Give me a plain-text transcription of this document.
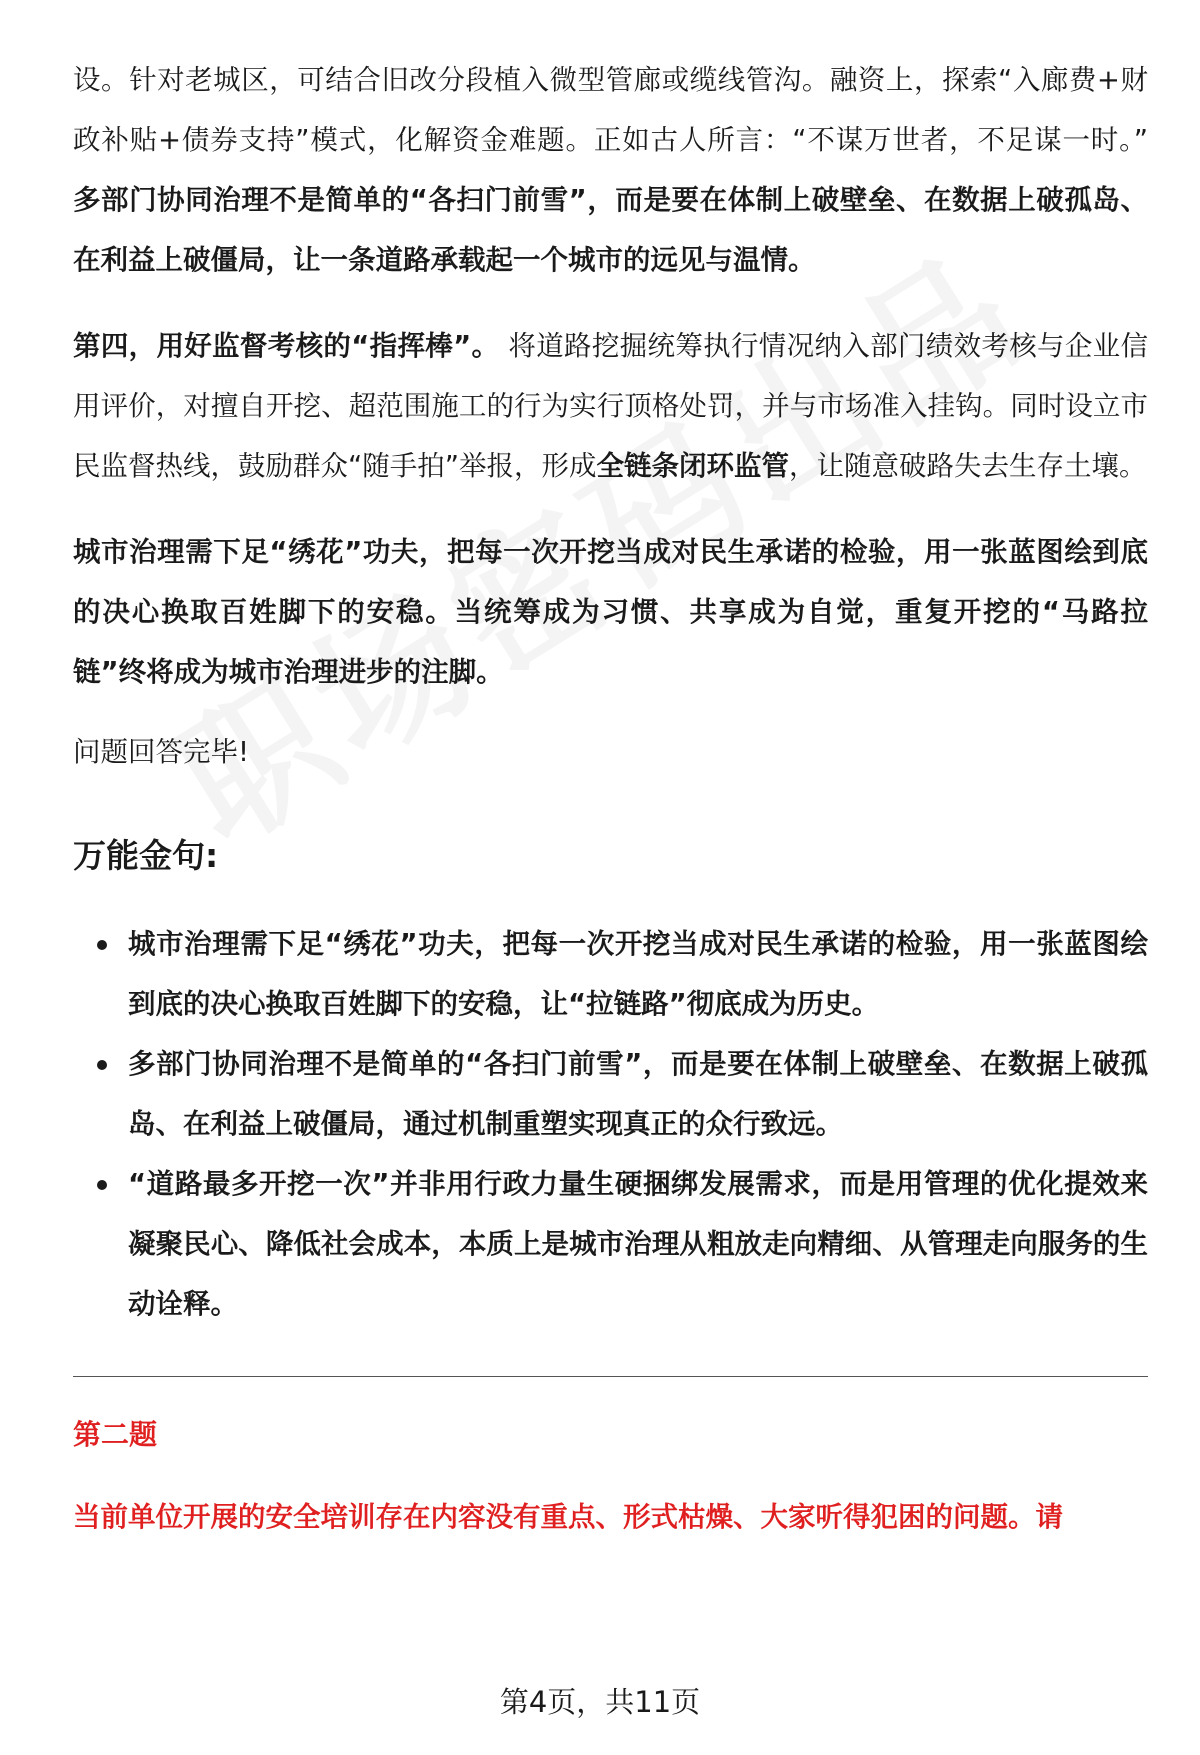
设。针对老城区，可结合旧改分段植入微型管廊或缆线管沟。融资上，探索“入廊费+财政补贴+债券支持”模式，化解资金难题。正如古人所言：“不谋万世者，不足谋一时。” 多部门协同治理不是简单的“各扫门前雪”，而是要在体制上破壁垒、在数据上破孤岛、在利益上破僵局，让一条道路承载起一个城市的远见与温情。

第四，用好监督考核的“指挥棒”。 将道路挖掘统筹执行情况纳入部门绩效考核与企业信用评价，对擅自开挖、超范围施工的行为实行顶格处罚，并与市场准入挂钩。同时设立市民监督热线，鼓励群众“随手拍”举报，形成全链条闭环监管，让随意破路失去生存土壤。

城市治理需下足“绣花”功夫，把每一次开挖当成对民生承诺的检验，用一张蓝图绘到底的决心换取百姓脚下的安稳。当统筹成为习惯、共享成为自觉，重复开挖的“马路拉链”终将成为城市治理进步的注脚。

问题回答完毕!
万能金句:
城市治理需下足“绣花”功夫，把每一次开挖当成对民生承诺的检验，用一张蓝图绘到底的决心换取百姓脚下的安稳，让“拉链路”彻底成为历史。
多部门协同治理不是简单的“各扫门前雪”，而是要在体制上破壁垒、在数据上破孤岛、在利益上破僵局，通过机制重塑实现真正的众行致远。
“道路最多开挖一次”并非用行政力量生硬捆绑发展需求，而是用管理的优化提效来凝聚民心、降低社会成本，本质上是城市治理从粗放走向精细、从管理走向服务的生动诠释。
第二题
当前单位开展的安全培训存在内容没有重点、形式枯燥、大家听得犯困的问题。请
第4页，共11页
